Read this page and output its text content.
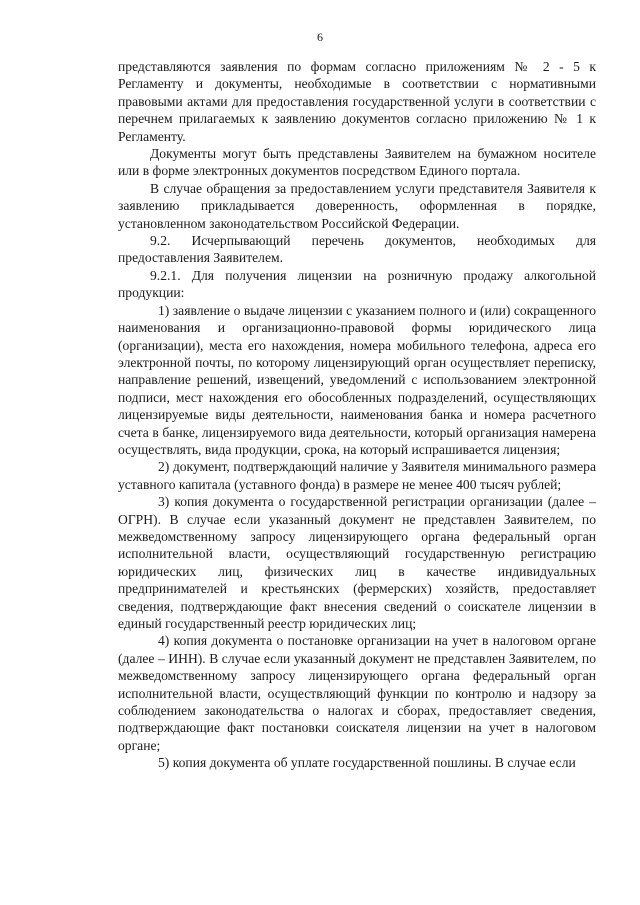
6

представляются заявления по формам согласно приложениям № 2 - 5 к Регламенту и документы, необходимые в соответствии с нормативными правовыми актами для предоставления государственной услуги в соответствии с перечнем прилагаемых к заявлению документов согласно приложению № 1 к Регламенту.

Документы могут быть представлены Заявителем на бумажном носителе или в форме электронных документов посредством Единого портала.

В случае обращения за предоставлением услуги представителя Заявителя к заявлению прикладывается доверенность, оформленная в порядке, установленном законодательством Российской Федерации.

9.2. Исчерпывающий перечень документов, необходимых для предоставления Заявителем.

9.2.1. Для получения лицензии на розничную продажу алкогольной продукции:

1) заявление о выдаче лицензии с указанием полного и (или) сокращенного наименования и организационно-правовой формы юридического лица (организации), места его нахождения, номера мобильного телефона, адреса его электронной почты, по которому лицензирующий орган осуществляет переписку, направление решений, извещений, уведомлений с использованием электронной подписи, мест нахождения его обособленных подразделений, осуществляющих лицензируемые виды деятельности, наименования банка и номера расчетного счета в банке, лицензируемого вида деятельности, который организация намерена осуществлять, вида продукции, срока, на который испрашивается лицензия;

2) документ, подтверждающий наличие у Заявителя минимального размера уставного капитала (уставного фонда) в размере не менее 400 тысяч рублей;

3) копия документа о государственной регистрации организации (далее – ОГРН). В случае если указанный документ не представлен Заявителем, по межведомственному запросу лицензирующего органа федеральный орган исполнительной власти, осуществляющий государственную регистрацию юридических лиц, физических лиц в качестве индивидуальных предпринимателей и крестьянских (фермерских) хозяйств, предоставляет сведения, подтверждающие факт внесения сведений о соискателе лицензии в единый государственный реестр юридических лиц;

4) копия документа о постановке организации на учет в налоговом органе (далее – ИНН). В случае если указанный документ не представлен Заявителем, по межведомственному запросу лицензирующего органа федеральный орган исполнительной власти, осуществляющий функции по контролю и надзору за соблюдением законодательства о налогах и сборах, предоставляет сведения, подтверждающие факт постановки соискателя лицензии на учет в налоговом органе;

5) копия документа об уплате государственной пошлины. В случае если
